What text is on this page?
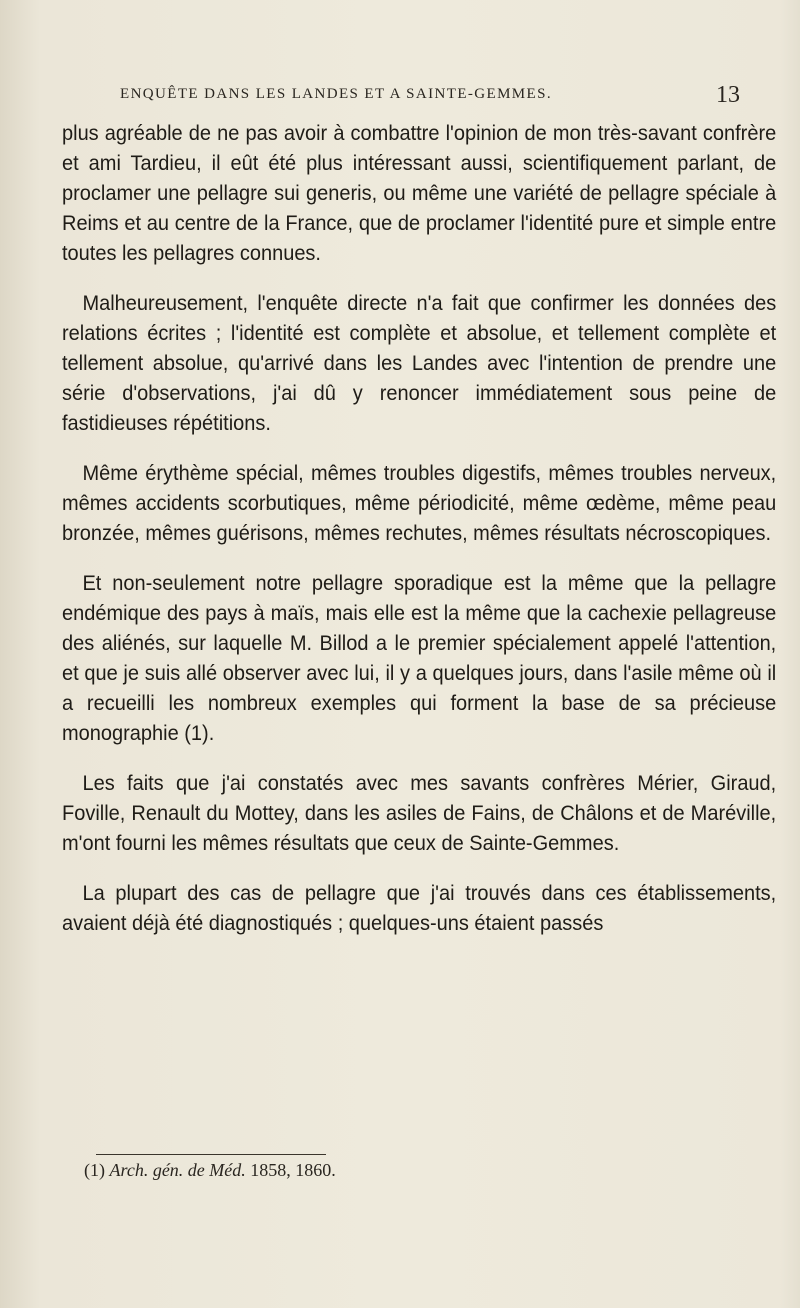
ENQUÊTE DANS LES LANDES ET A SAINTE-GEMMES.	13

plus agréable de ne pas avoir à combattre l'opinion de mon très-savant confrère et ami Tardieu, il eût été plus intéressant aussi, scientifiquement parlant, de proclamer une pellagre sui generis, ou même une variété de pellagre spéciale à Reims et au centre de la France, que de proclamer l'identité pure et simple entre toutes les pellagres connues.

Malheureusement, l'enquête directe n'a fait que confirmer les données des relations écrites ; l'identité est complète et absolue, et tellement complète et tellement absolue, qu'arrivé dans les Landes avec l'intention de prendre une série d'observations, j'ai dû y renoncer immédiatement sous peine de fastidieuses répétitions.

Même érythème spécial, mêmes troubles digestifs, mêmes troubles nerveux, mêmes accidents scorbutiques, même périodicité, même œdème, même peau bronzée, mêmes guérisons, mêmes rechutes, mêmes résultats nécroscopiques.

Et non-seulement notre pellagre sporadique est la même que la pellagre endémique des pays à maïs, mais elle est la même que la cachexie pellagreuse des aliénés, sur laquelle M. Billod a le premier spécialement appelé l'attention, et que je suis allé observer avec lui, il y a quelques jours, dans l'asile même où il a recueilli les nombreux exemples qui forment la base de sa précieuse monographie (1).

Les faits que j'ai constatés avec mes savants confrères Mérier, Giraud, Foville, Renault du Mottey, dans les asiles de Fains, de Châlons et de Maréville, m'ont fourni les mêmes résultats que ceux de Sainte-Gemmes.

La plupart des cas de pellagre que j'ai trouvés dans ces établissements, avaient déjà été diagnostiqués ; quelques-uns étaient passés

(1) Arch. gén. de Méd. 1858, 1860.
